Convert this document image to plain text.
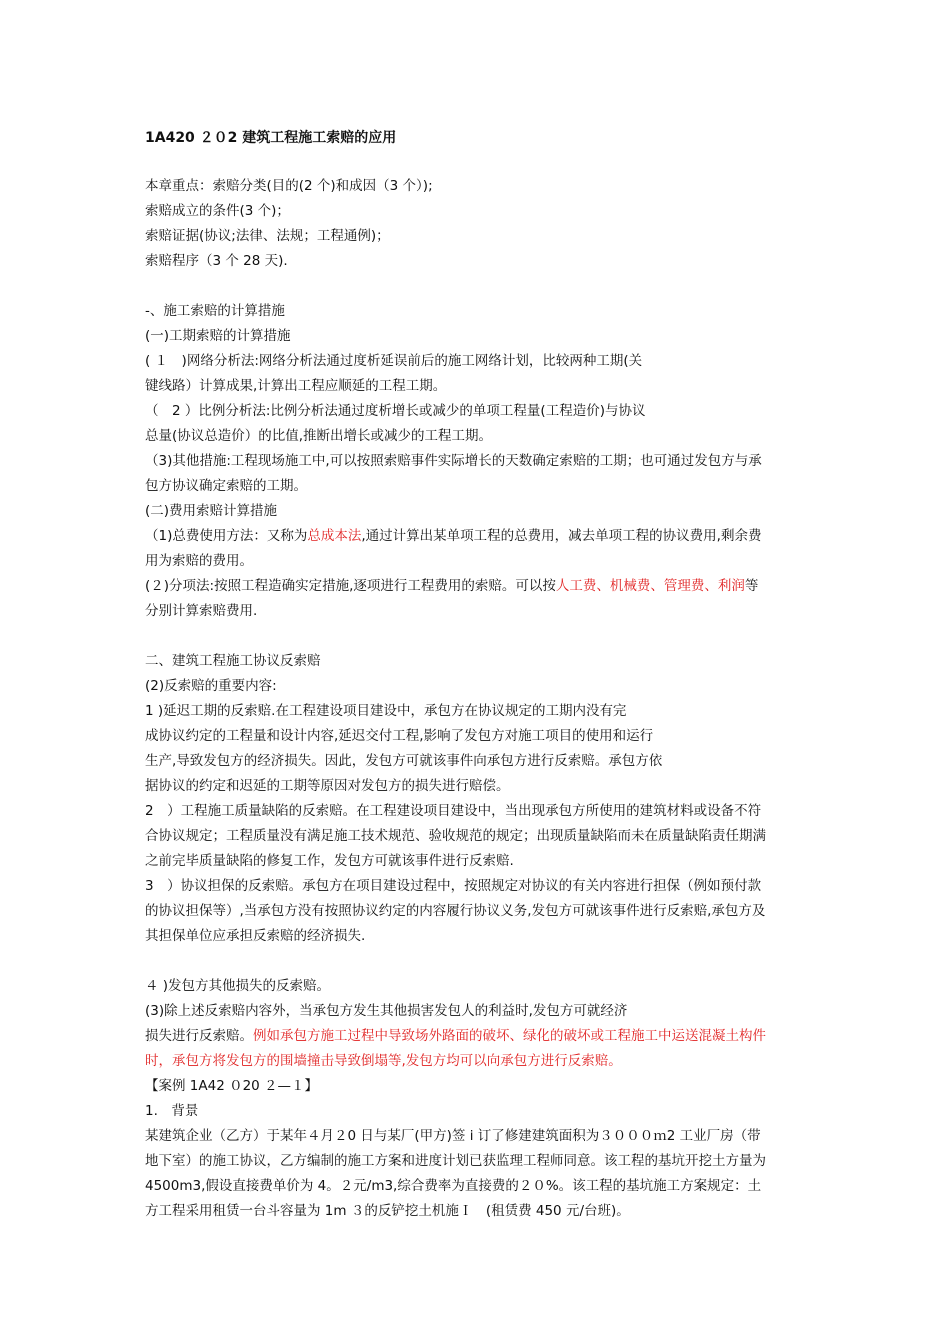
1A420 ２０2 建筑工程施工索赔的应用
本章重点：索赔分类(目的(2 个)和成因（3 个）);
索赔成立的条件(3 个)；
索赔证据(协议;法律、法规；工程通例)；
索赔程序（3 个 28 天).
-、施工索赔的计算措施
(一)工期索赔的计算措施
( １　)网络分析法:网络分析法通过度析延误前后的施工网络计划，比较两种工期(关
键线路）计算成果,计算出工程应顺延的工程工期。
（　2 ）比例分析法:比例分析法通过度析增长或减少的单项工程量(工程造价)与协议
总量(协议总造价）的比值,推断出增长或减少的工程工期。
（3)其他措施:工程现场施工中,可以按照索赔事件实际增长的天数确定索赔的工期；也可通过发包方与承
包方协议确定索赔的工期。
(二)费用索赔计算措施
（1)总费使用方法：又称为总成本法,通过计算出某单项工程的总费用，减去单项工程的协议费用,剩余费
用为索赔的费用。
(２)分项法:按照工程造确实定措施,逐项进行工程费用的索赔。可以按人工费、机械费、管理费、利润等
分别计算索赔费用.
二、建筑工程施工协议反索赔
(2)反索赔的重要内容:
1 )延迟工期的反索赔.在工程建设项目建设中，承包方在协议规定的工期内没有完
成协议约定的工程量和设计内容,延迟交付工程,影响了发包方对施工项目的使用和运行
生产,导致发包方的经济损失。因此，发包方可就该事件向承包方进行反索赔。承包方依
据协议的约定和迟延的工期等原因对发包方的损失进行赔偿。
2　）工程施工质量缺陷的反索赔。在工程建设项目建设中，当出现承包方所使用的建筑材料或设备不符
合协议规定；工程质量没有满足施工技术规范、验收规范的规定；出现质量缺陷而未在质量缺陷责任期满
之前完毕质量缺陷的修复工作，发包方可就该事件进行反索赔.
3　）协议担保的反索赔。承包方在项目建设过程中，按照规定对协议的有关内容进行担保（例如预付款
的协议担保等）,当承包方没有按照协议约定的内容履行协议义务,发包方可就该事件进行反索赔,承包方及
其担保单位应承担反索赔的经济损失.
４ )发包方其他损失的反索赔。
(3)除上述反索赔内容外，当承包方发生其他损害发包人的利益时,发包方可就经济
损失进行反索赔。例如承包方施工过程中导致场外路面的破坏、绿化的破坏或工程施工中运送混凝土构件
时，承包方将发包方的围墙撞击导致倒塌等,发包方均可以向承包方进行反索赔。
【案例 1A42 ０20 ２—１】
1.　背景
某建筑企业（乙方）于某年４月２0 日与某厂(甲方)签 i 订了修建建筑面积为３０００ｍ2 工业厂房（带
地下室）的施工协议，乙方编制的施工方案和进度计划已获监理工程师同意。该工程的基坑开挖土方量为
4500m3,假设直接费单价为 4。２元/m3,综合费率为直接费的２０%。该工程的基坑施工方案规定：土
方工程采用租赁一台斗容量为 1m ３的反铲挖土机施Ｉ　(租赁费 450 元/台班)。
